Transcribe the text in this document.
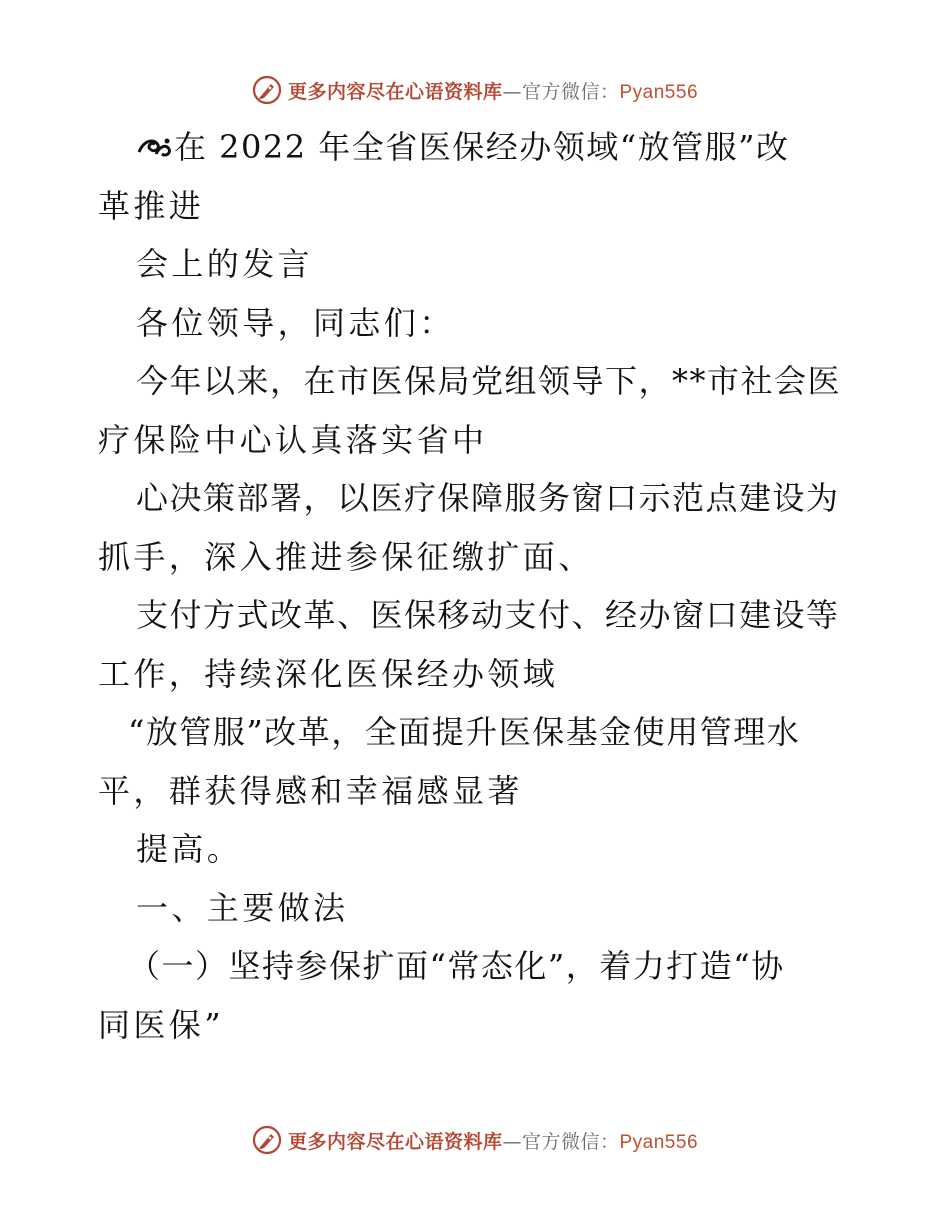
更多内容尽在心语资料库—官方微信：Pyan556
在 2022 年全省医保经办领域“放管服”改
革推进
会上的发言
各位领导，同志们：
今年以来，在市医保局党组领导下，**市社会医
疗保险中心认真落实省中
心决策部署，以医疗保障服务窗口示范点建设为
抓手，深入推进参保征缴扩面、
支付方式改革、医保移动支付、经办窗口建设等
工作，持续深化医保经办领域
“放管服”改革，全面提升医保基金使用管理水
平，群获得感和幸福感显著
提高。
一、主要做法
（一）坚持参保扩面“常态化”，着力打造“协
同医保”
更多内容尽在心语资料库—官方微信：Pyan556
